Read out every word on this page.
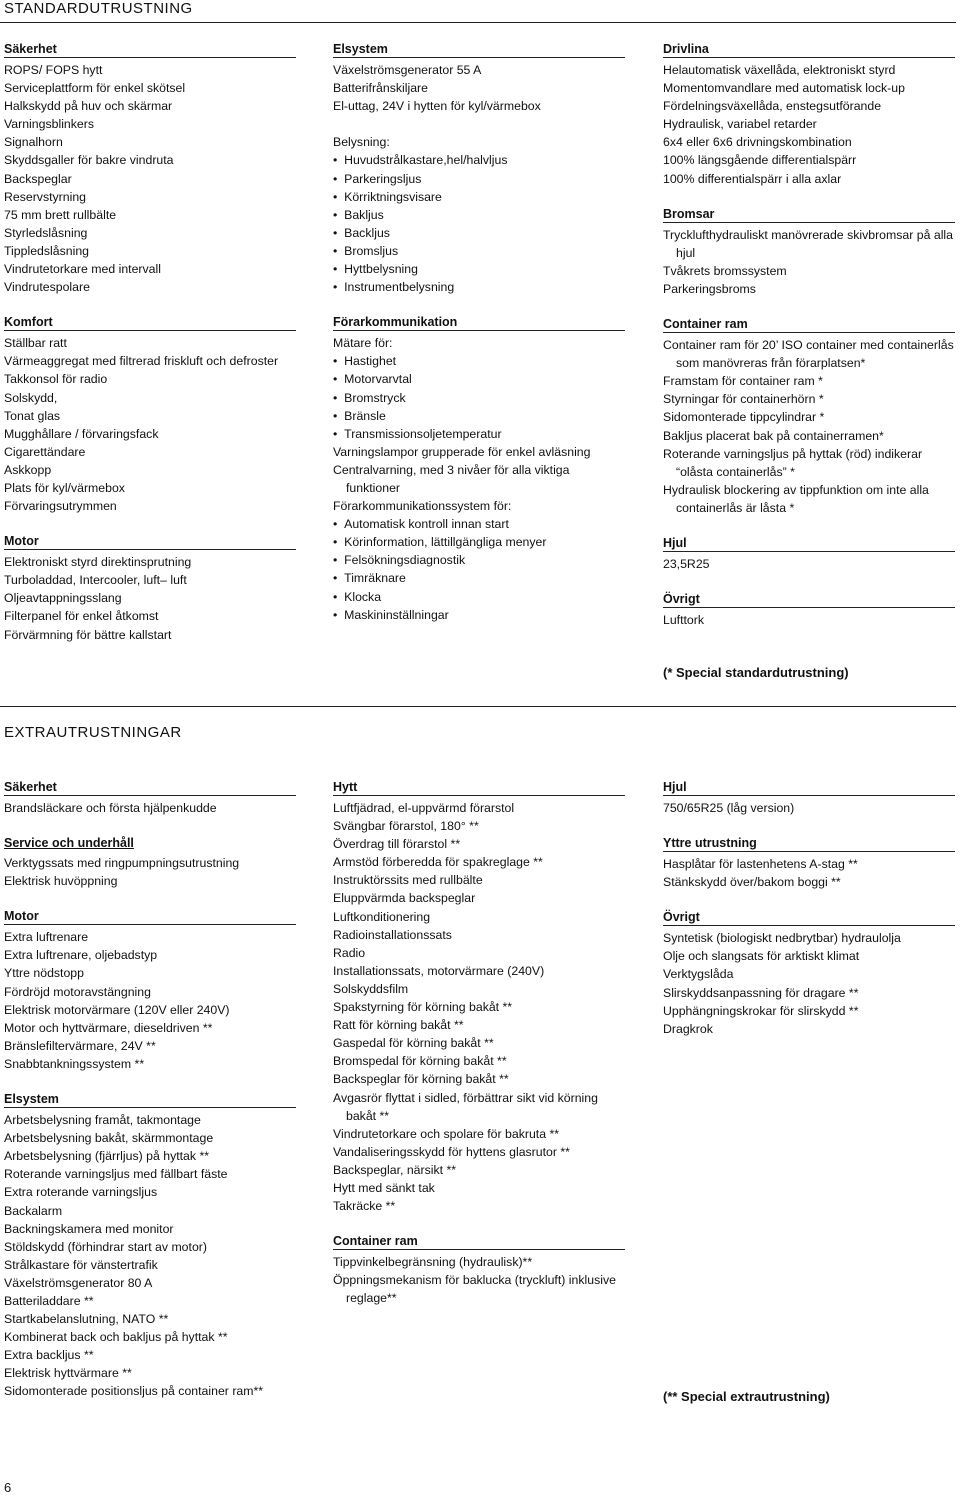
STANDARDUTRUSTNING
Säkerhet
ROPS/ FOPS hytt
Serviceplattform för enkel skötsel
Halkskydd på huv och skärmar
Varningsblinkers
Signalhorn
Skyddsgaller för bakre vindruta
Backspeglar
Reservstyrning
75 mm brett rullbälte
Styrledslåsning
Tippledslåsning
Vindrutetorkare med intervall
Vindrutespolare
Komfort
Ställbar ratt
Värmeaggregat med filtrerad friskluft och defroster
Takkonsol för radio
Solskydd,
Tonat glas
Mugghållare / förvaringsfack
Cigarettändare
Askkopp
Plats för kyl/värmebox
Förvaringsutrymmen
Motor
Elektroniskt styrd direktinsprutning
Turboladdad, Intercooler, luft– luft
Oljeavtappningsslang
Filterpanel för enkel åtkomst
Förvärmning för bättre kallstart
Elsystem
Växelströmsgenerator 55 A
Batterifrånskiljare
El-uttag, 24V i hytten för kyl/värmebox

Belysning:
•  Huvudstrålkastare,hel/halvljus
•  Parkeringsljus
•  Körriktningsvisare
•  Bakljus
•  Backljus
•  Bromsljus
•  Hyttbelysning
•  Instrumentbelysning
Förarkommunikation
Mätare för:
•  Hastighet
•  Motorvarvtal
•  Bromstryck
•  Bränsle
•  Transmissionsoljetemperatur
Varningslampor grupperade för enkel avläsning
Centralvarning, med 3 nivåer för alla viktiga funktioner
Förarkommunikationssystem för:
•  Automatisk kontroll innan start
•  Körinformation, lättillgängliga menyer
•  Felsökningsdiagnostik
•  Timräknare
•  Klocka
•  Maskininställningar
Drivlina
Helautomatisk växellåda, elektroniskt styrd
Momentomvandlare med automatisk lock-up
Fördelningsväxellåda, enstegsutförande
Hydraulisk, variabel retarder
6x4 eller 6x6 drivningskombination
100% längsgående differentialspärr
100% differentialspärr i alla axlar
Bromsar
Trycklufthydrauliskt manövrerade skivbromsar på alla hjul
Tvåkrets bromssystem
Parkeringsbroms
Container ram
Container ram för 20’ ISO container med containerlås som manövreras från förarplatsen*
Framstam för container ram *
Styrningar för containerhörn *
Sidomonterade tippcylindrar *
Bakljus placerat bak på containerramen*
Roterande varningsljus på hyttak (röd) indikerar “olåsta containerlås” *
Hydraulisk blockering av tippfunktion om inte alla containerlås är låsta *
Hjul
23,5R25
Övrigt
Lufttork
(* Special standardutrustning)
EXTRAUTRUSTNINGAR
Säkerhet
Brandsläckare och första hjälpenkudde
Service och underhåll
Verktygssats med ringpumpningsutrustning
Elektrisk huvöppning
Motor
Extra luftrenare
Extra luftrenare, oljebadstyp
Yttre nödstopp
Fördröjd motoravstängning
Elektrisk motorvärmare (120V eller 240V)
Motor och hyttvärmare, dieseldriven **
Bränslefiltervärmare, 24V **
Snabbtankningssystem **
Elsystem
Arbetsbelysning framåt, takmontage
Arbetsbelysning bakåt, skärmmontage
Arbetsbelysning (fjärrljus) på hyttak **
Roterande varningsljus med fällbart fäste
Extra roterande varningsljus
Backalarm
Backningskamera med monitor
Stöldskydd (förhindrar start av motor)
Strålkastare för vänstertrafik
Växelströmsgenerator 80 A
Batteriladdare **
Startkabelanslutning, NATO **
Kombinerat back och bakljus på hyttak **
Extra backljus **
Elektrisk hyttvärmare **
Sidomonterade positionsljus på container ram**
Hytt
Luftfjädrad, el-uppvärmd förarstol
Svängbar förarstol, 180° **
Överdrag till förarstol **
Armstöd förberedda för spakreglage **
Instruktörssits med rullbälte
Eluppvärmda backspeglar
Luftkonditionering
Radioinstallationssats
Radio
Installationssats, motorvärmare (240V)
Solskyddsfilm
Spakstyrning för körning bakåt **
Ratt för körning bakåt **
Gaspedal för körning bakåt **
Bromspedal för körning bakåt **
Backspeglar för körning bakåt **
Avgasrör flyttat i sidled, förbättrar sikt vid körning bakåt **
Vindrutetorkare och spolare för bakruta **
Vandaliseringsskydd för hyttens glasrutor **
Backspeglar, närsikt **
Hytt med sänkt tak
Takräcke **
Container ram
Tippvinkelbegränsning (hydraulisk)**
Öppningsmekanism för baklucka (tryckluft) inklusive reglage**
Hjul
750/65R25 (låg version)
Yttre utrustning
Hasplåtar för lastenhetens A-stag **
Stänkskydd över/bakom boggi **
Övrigt
Syntetisk (biologiskt nedbrytbar) hydraulolja
Olje och slangsats för arktiskt klimat
Verktygslåda
Slirskyddsanpassning för dragare **
Upphängningskrokar för slirskydd **
Dragkrok
(** Special extrautrustning)
6
